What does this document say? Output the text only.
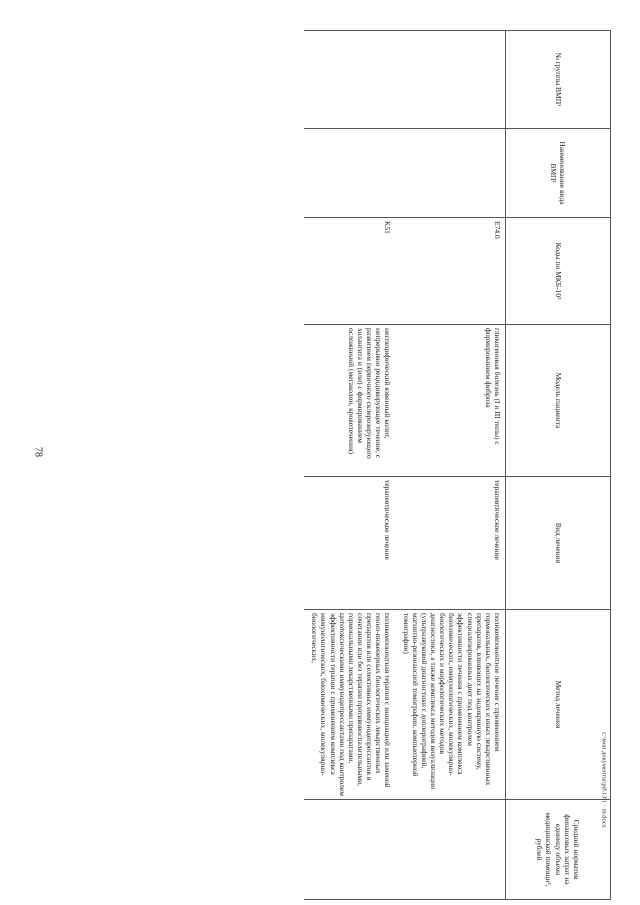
78
№ группы ВМП¹	Наименование вида ВМП¹	Коды по МКБ-10²	Модель пациента	Вид лечения	Метод лечения	Средний норматив финансовых затрат на единицу объема медицинской помощи³, рублей
		E74.0	гликогеновая болезнь (I и III типы) с формированием фиброза	терапевтическое лечение	поликомпонентное лечение с применением гормональных, биологических и иных лекарственных препаратов, влияющих на эндокринную систему, специализированных диет под контролем эффективности лечения с применением комплекса биохимических, иммунологических, молекулярно-биологических и морфологических методов диагностики, а также комплекса методов визуализации (ультразвуковой диагностики с доплерографией, магнитно-резонансной томографии, компьютерной томографии)	
		K51	неспецифический язвенный колит, непрерывно рецидивирующее течение, с развитием первичного склерозирующего холангита и (или) с формированием осложнений (мегаколон, кровотечения)	терапевтическое лечение	поликомпонентная терапия с инициацией или заменой генно-инженерных биологических лекарственных препаратов или селективных иммунодепрессантов в сочетании или без терапии противовоспалительными, гормональными лекарственными препаратами, цитотоксическими иммунодепрессантами под контролем эффективности терапии с применением комплекса иммунологических, биохимических, молекулярно-биологических,	
c:\мои документы\pd\13\1 - m.docx
